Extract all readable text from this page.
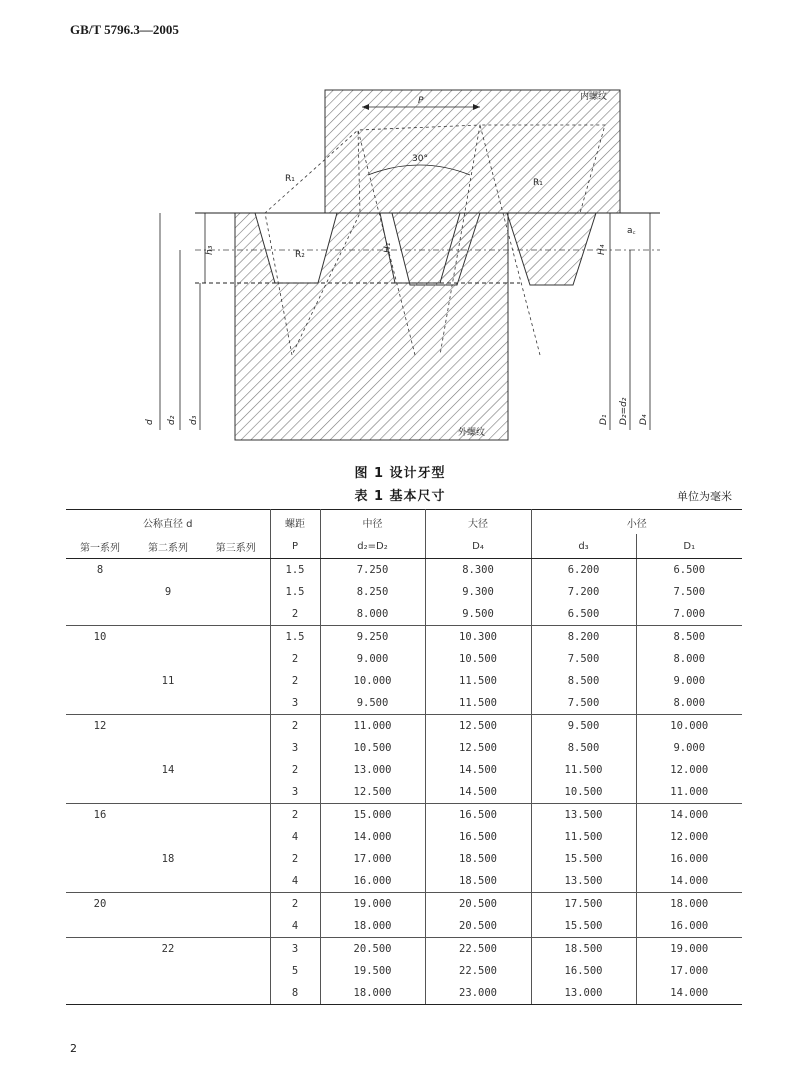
GB/T 5796.3—2005
内螺纹
外螺纹
30°
P
R₁
R₂
R₁
a꜀
d d₂ d₃
h₃	H₁	H₄
D₁ D₂=d₂ D₄
图 1 设计牙型
表 1 基本尺寸	单位为毫米
公称直径 d			螺距	中径	大径	小径	
第一系列	第二系列	第三系列	P	d₂=D₂	D₄	d₃	D₁
8			1.5	7.250	8.300	6.200	6.500
	9		1.5	8.250	9.300	7.200	7.500
			2	8.000	9.500	6.500	7.000
10			1.5	9.250	10.300	8.200	8.500
			2	9.000	10.500	7.500	8.000
	11		2	10.000	11.500	8.500	9.000
			3	9.500	11.500	7.500	8.000
12			2	11.000	12.500	9.500	10.000
			3	10.500	12.500	8.500	9.000
	14		2	13.000	14.500	11.500	12.000
			3	12.500	14.500	10.500	11.000
16			2	15.000	16.500	13.500	14.000
			4	14.000	16.500	11.500	12.000
	18		2	17.000	18.500	15.500	16.000
			4	16.000	18.500	13.500	14.000
20			2	19.000	20.500	17.500	18.000
			4	18.000	20.500	15.500	16.000
	22		3	20.500	22.500	18.500	19.000
			5	19.500	22.500	16.500	17.000
			8	18.000	23.000	13.000	14.000
2
